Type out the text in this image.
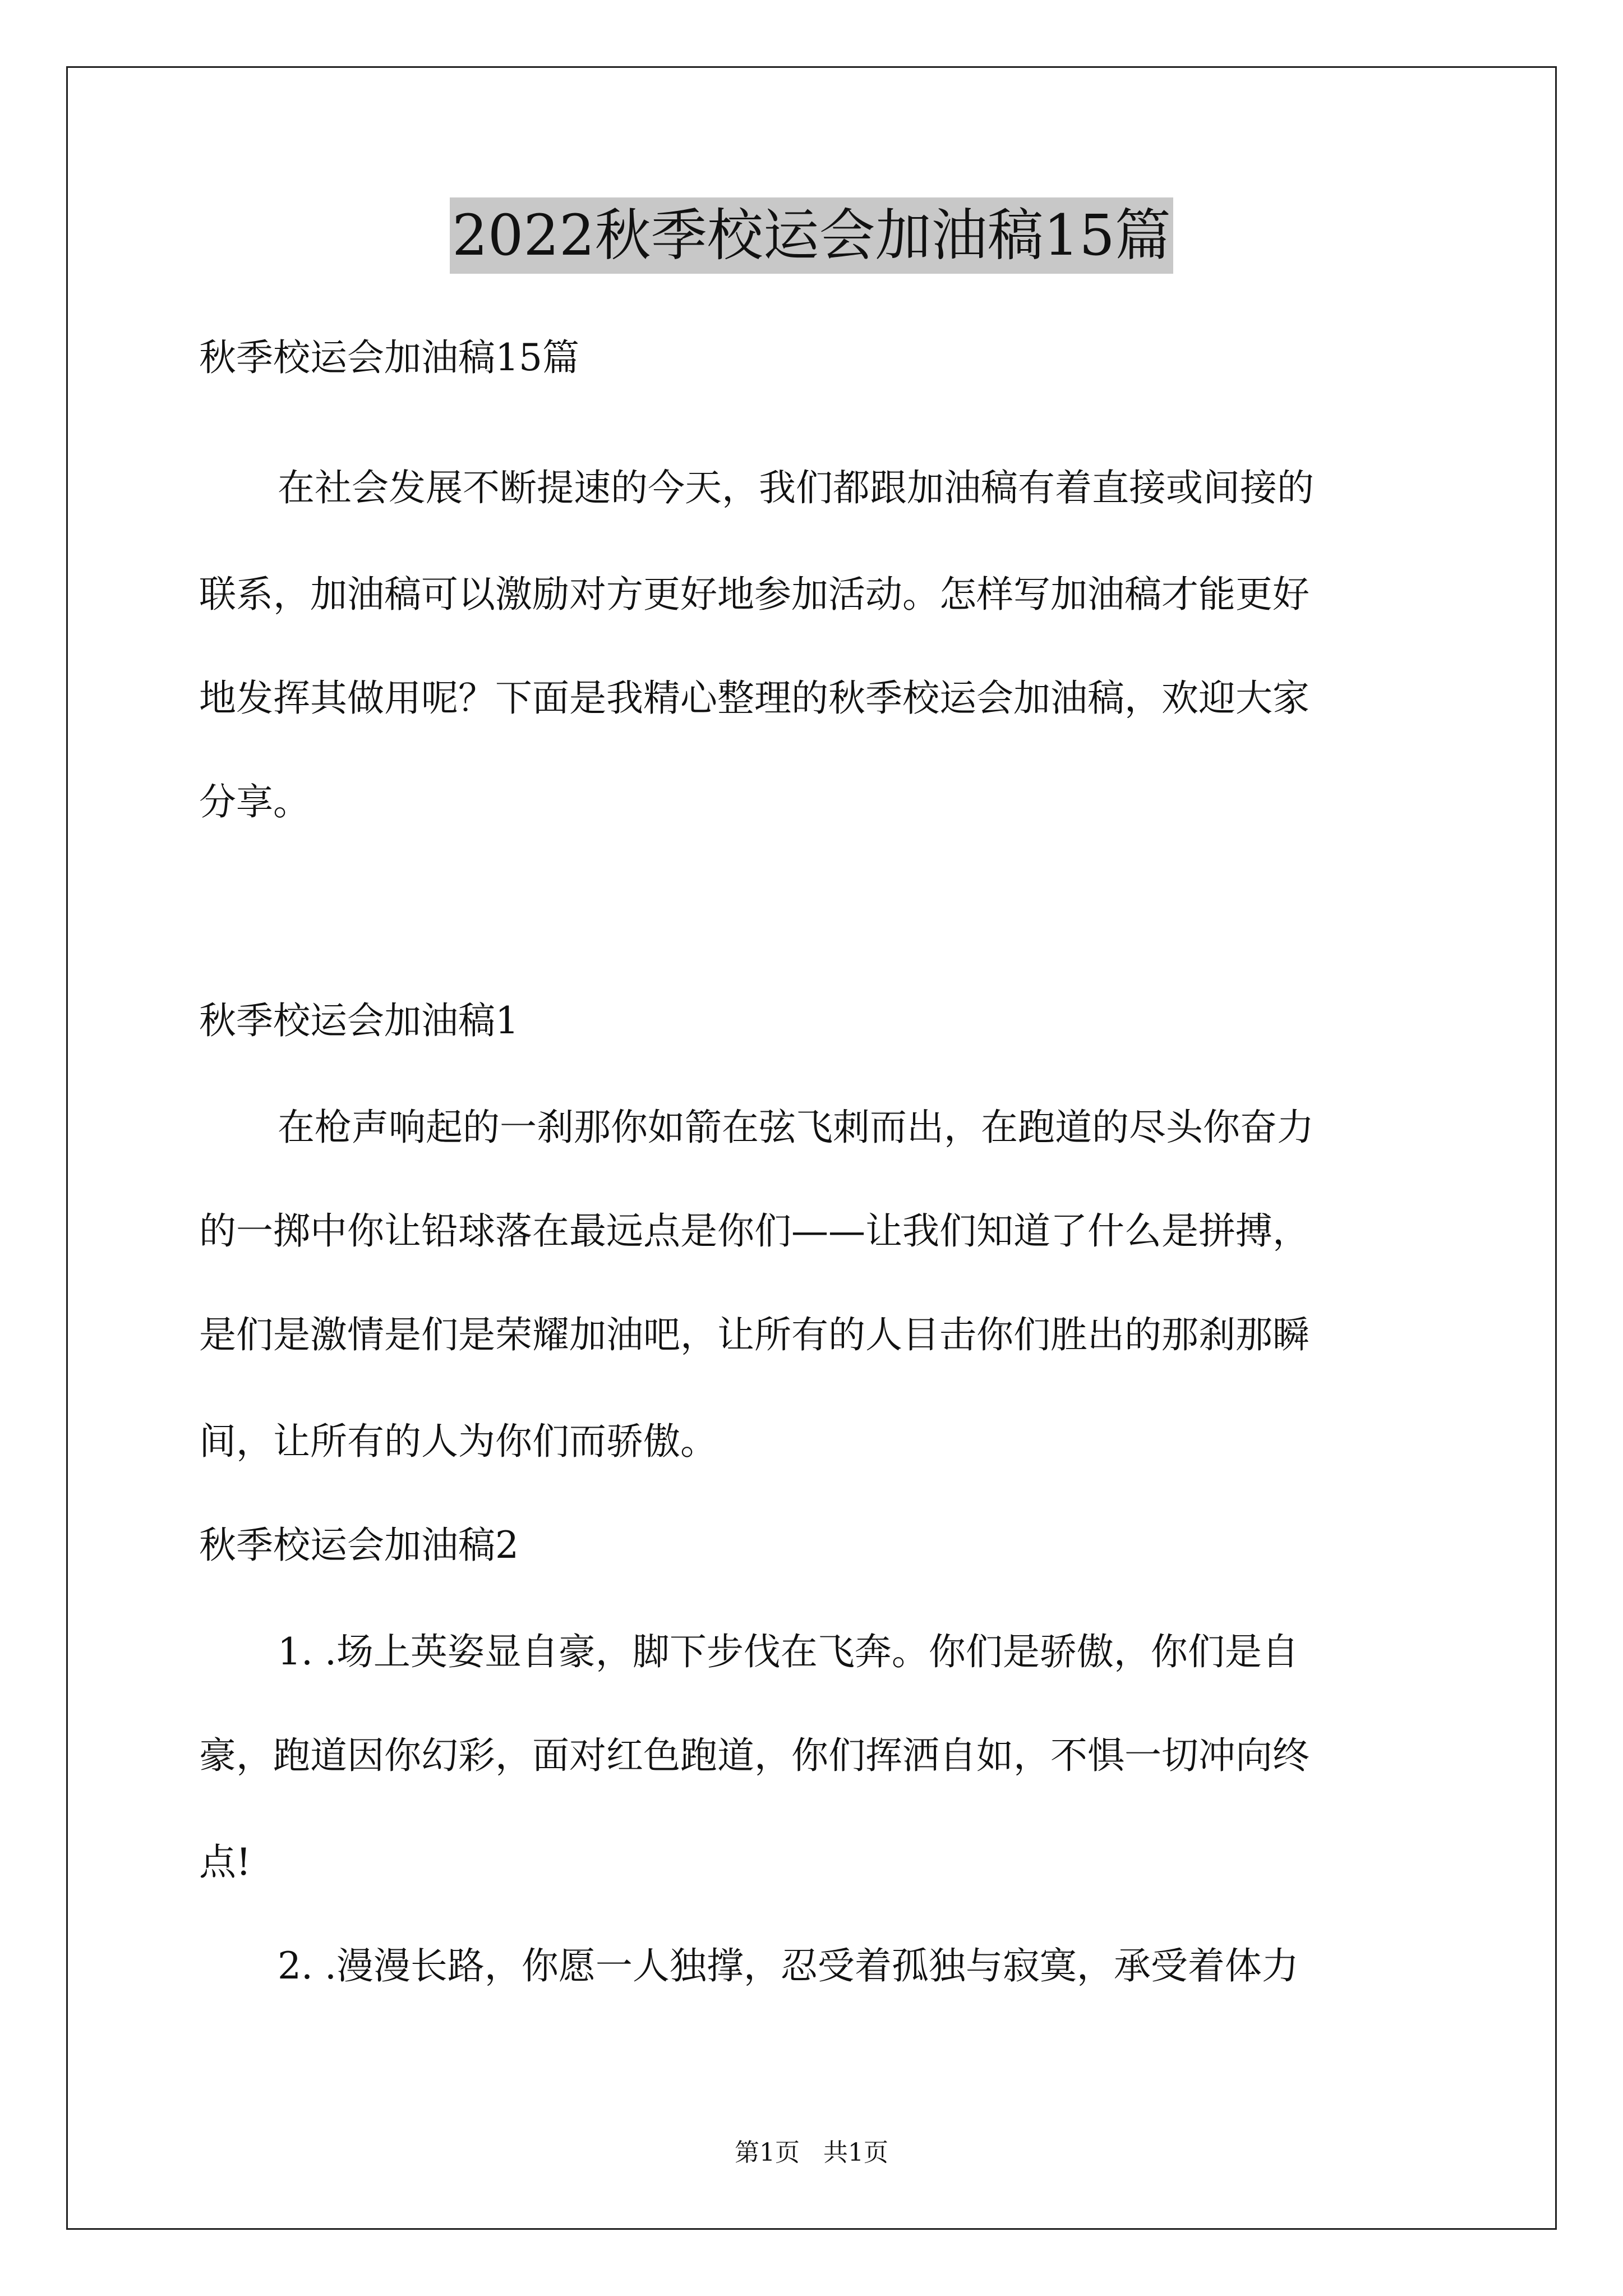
2022秋季校运会加油稿15篇
秋季校运会加油稿15篇
在社会发展不断提速的今天，我们都跟加油稿有着直接或间接的
联系，加油稿可以激励对方更好地参加活动。怎样写加油稿才能更好
地发挥其做用呢？下面是我精心整理的秋季校运会加油稿，欢迎大家
分享。
秋季校运会加油稿1
在枪声响起的一刹那你如箭在弦飞刺而出，在跑道的尽头你奋力
的一掷中你让铅球落在最远点是你们——让我们知道了什么是拼搏，
是们是激情是们是荣耀加油吧，让所有的人目击你们胜出的那刹那瞬
间，让所有的人为你们而骄傲。
秋季校运会加油稿2
1. .场上英姿显自豪，脚下步伐在飞奔。你们是骄傲，你们是自
豪，跑道因你幻彩，面对红色跑道，你们挥洒自如，不惧一切冲向终
点!
2. .漫漫长路，你愿一人独撑，忍受着孤独与寂寞，承受着体力
第1页   共1页
